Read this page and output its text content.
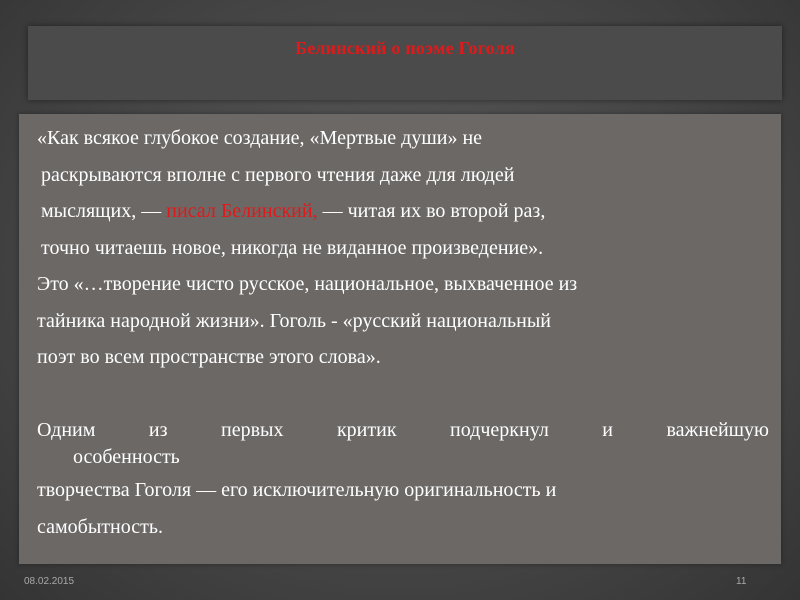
Белинский о поэме Гоголя

«Как всякое глубокое создание, «Мертвые души» не

раскрываются вполне с первого чтения даже для людей

мыслящих, — писал Белинский, — читая их во второй раз,

точно читаешь новое, никогда не виданное произведение».

Это «…творение чисто русское, национальное, выхваченное из

тайника народной жизни». Гоголь - «русский национальный

поэт во всем пространстве этого слова».

Одним из первых критик подчеркнул и важнейшую

особенность

творчества Гоголя — его исключительную оригинальность и

самобытность.

08.02.2015	11
